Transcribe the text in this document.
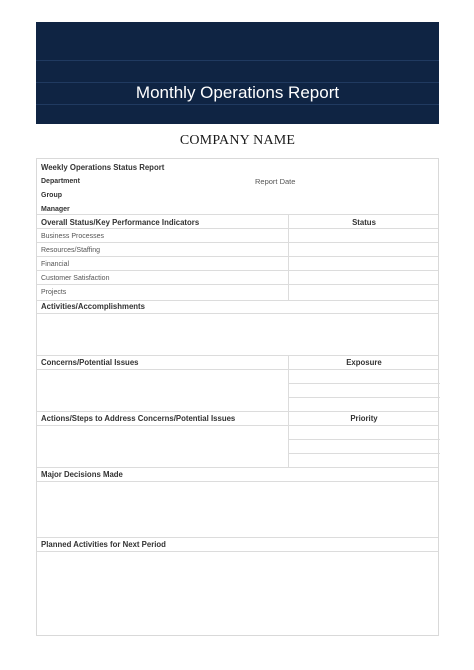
Monthly Operations Report
COMPANY NAME
Weekly Operations Status Report
Department	Report Date
Group
Manager
Overall Status/Key Performance Indicators	Status
Business Processes
Resources/Staffing
Financial
Customer Satisfaction
Projects
Activities/Accomplishments
Concerns/Potential Issues	Exposure
Actions/Steps to Address Concerns/Potential Issues	Priority
Major Decisions Made
Planned Activities for Next Period
